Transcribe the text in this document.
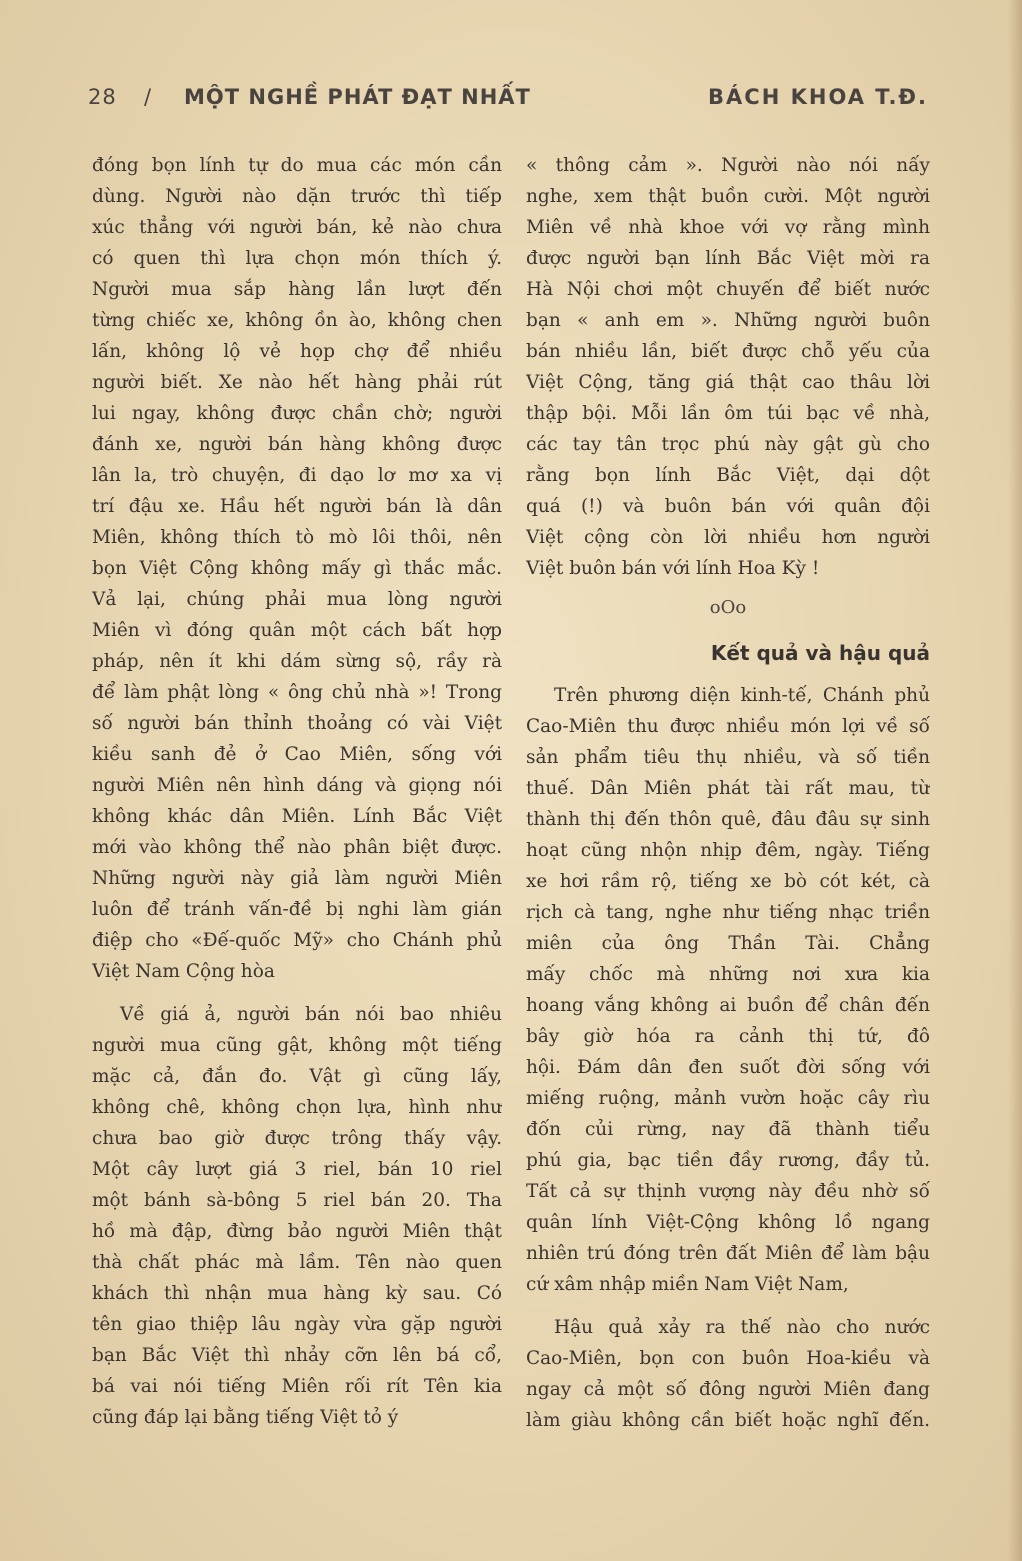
28 / MỘT NGHỀ PHÁT ĐẠT NHẤT	BÁCH KHOA T.Đ.
đóng bọn lính tự do mua các món cần
dùng. Người nào dặn trước thì tiếp
xúc thẳng với người bán, kẻ nào chưa
có quen thì lựa chọn món thích ý.
Người mua sắp hàng lần lượt đến
từng chiếc xe, không ồn ào, không chen
lấn, không lộ vẻ họp chợ để nhiều
người biết. Xe nào hết hàng phải rút
lui ngay, không được chần chờ; người
đánh xe, người bán hàng không được
lân la, trò chuyện, đi dạo lơ mơ xa vị
trí đậu xe. Hầu hết người bán là dân
Miên, không thích tò mò lôi thôi, nên
bọn Việt Cộng không mấy gì thắc mắc.
Vả lại, chúng phải mua lòng người
Miên vì đóng quân một cách bất hợp
pháp, nên ít khi dám sừng sộ, rầy rà
để làm phật lòng « ông chủ nhà »! Trong
số người bán thỉnh thoảng có vài Việt
kiều sanh đẻ ở Cao Miên, sống với
người Miên nên hình dáng và giọng nói
không khác dân Miên. Lính Bắc Việt
mới vào không thể nào phân biệt được.
Những người này giả làm người Miên
luôn để tránh vấn-đề bị nghi làm gián
điệp cho «Đế-quốc Mỹ» cho Chánh phủ
Việt Nam Cộng hòa
Về giá ả, người bán nói bao nhiêu
người mua cũng gật, không một tiếng
mặc cả, đắn đo. Vật gì cũng lấy,
không chê, không chọn lựa, hình như
chưa bao giờ được trông thấy vậy.
Một cây lượt giá 3 riel, bán 10 riel
một bánh sà-bông 5 riel bán 20. Tha
hồ mà đập, đừng bảo người Miên thật
thà chất phác mà lầm. Tên nào quen
khách thì nhận mua hàng kỳ sau. Có
tên giao thiệp lâu ngày vừa gặp người
bạn Bắc Việt thì nhảy cỡn lên bá cổ,
bá vai nói tiếng Miên rối rít Tên kia
cũng đáp lại bằng tiếng Việt tỏ ý
« thông cảm ». Người nào nói nấy
nghe, xem thật buồn cười. Một người
Miên về nhà khoe với vợ rằng mình
được người bạn lính Bắc Việt mời ra
Hà Nội chơi một chuyến để biết nước
bạn « anh em ». Những người buôn
bán nhiều lần, biết được chỗ yếu của
Việt Cộng, tăng giá thật cao thâu lời
thập bội. Mỗi lần ôm túi bạc về nhà,
các tay tân trọc phú này gật gù cho
rằng bọn lính Bắc Việt, dại dột
quá (!) và buôn bán với quân đội
Việt cộng còn lời nhiều hơn người
Việt buôn bán với lính Hoa Kỳ !
oOo
Kết quả và hậu quả
Trên phương diện kinh-tế, Chánh phủ
Cao-Miên thu được nhiều món lợi về số
sản phẩm tiêu thụ nhiều, và số tiền
thuế. Dân Miên phát tài rất mau, từ
thành thị đến thôn quê, đâu đâu sự sinh
hoạt cũng nhộn nhịp đêm, ngày. Tiếng
xe hơi rầm rộ, tiếng xe bò cót két, cà
rịch cà tang, nghe như tiếng nhạc triền
miên của ông Thần Tài. Chẳng
mấy chốc mà những nơi xưa kia
hoang vắng không ai buồn để chân đến
bây giờ hóa ra cảnh thị tứ, đô
hội. Đám dân đen suốt đời sống với
miếng ruộng, mảnh vườn hoặc cây rìu
đốn củi rừng, nay đã thành tiểu
phú gia, bạc tiền đầy rương, đầy tủ.
Tất cả sự thịnh vượng này đều nhờ số
quân lính Việt-Cộng không lồ ngang
nhiên trú đóng trên đất Miên để làm bậu
cứ xâm nhập miền Nam Việt Nam,
Hậu quả xảy ra thế nào cho nước
Cao-Miên, bọn con buôn Hoa-kiều và
ngay cả một số đông người Miên đang
làm giàu không cần biết hoặc nghĩ đến.
